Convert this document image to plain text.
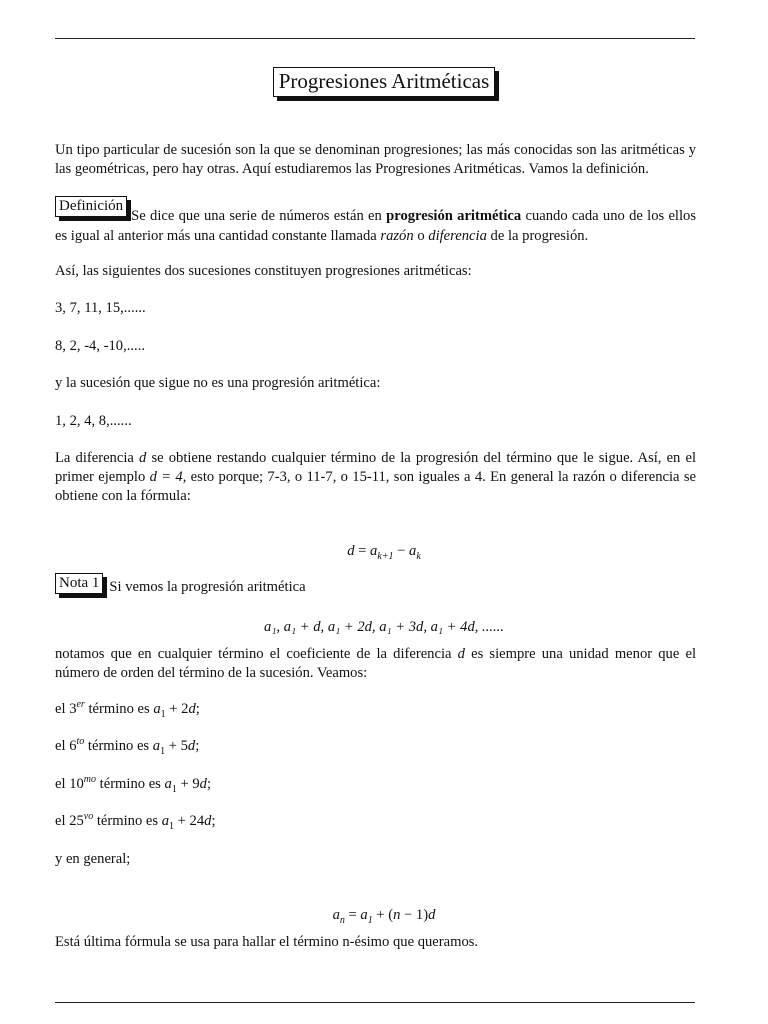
Progresiones Aritméticas

Un tipo particular de sucesión son la que se denominan progresiones; las más conocidas son las aritméticas y las geométricas, pero hay otras. Aquí estudiaremos las Progresiones Aritméticas. Vamos la definición.

DefiniciónSe dice que una serie de números están en progresión aritmética cuando cada uno de los ellos es igual al anterior más una cantidad constante llamada razón o diferencia de la progresión.

Así, las siguientes dos sucesiones constituyen progresiones aritméticas:

3, 7, 11, 15,......

8, 2, -4, -10,.....

y la sucesión que sigue no es una progresión aritmética:

1, 2, 4, 8,......

La diferencia d se obtiene restando cualquier término de la progresión del término que le sigue. Así, en el primer ejemplo d = 4, esto porque; 7-3, o 11-7, o 15-11, son iguales a 4. En general la razón o diferencia se obtiene con la fórmula:

$d = a_{k+1} - a_k$

Nota 1 Si vemos la progresión aritmética

a₁, a₁ + d, a₁ + 2d, a₁ + 3d, a₁ + 4d, ......

notamos que en cualquier término el coeficiente de la diferencia d es siempre una unidad menor que el número de orden del término de la sucesión. Veamos:

el 3er término es $a_1 + 2d$;

el $6^{to}$ término es $a_1 + 5d$;

el $10^{mo}$ término es $a_1 + 9d$;

el $25^{vo}$ término es $a_1 + 24d$;

y en general;

$a_n = a_1 + (n - 1)d$

Está última fórmula se usa para hallar el término n-ésimo que queramos.
